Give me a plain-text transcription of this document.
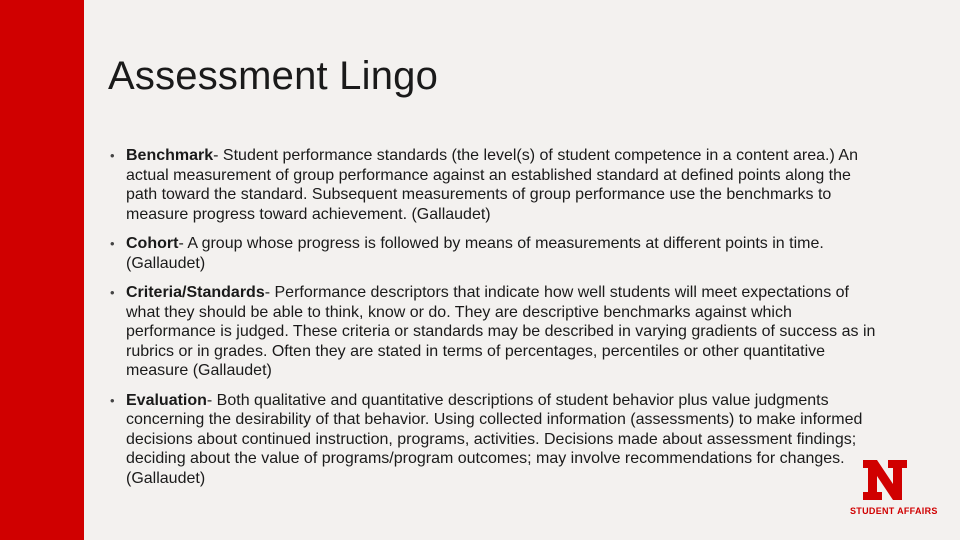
Assessment Lingo
• Benchmark- Student performance standards (the level(s) of student competence in a content area.) An actual measurement of group performance against an established standard at defined points along the path toward the standard. Subsequent measurements of group performance use the benchmarks to measure progress toward achievement. (Gallaudet)
• Cohort- A group whose progress is followed by means of measurements at different points in time. (Gallaudet)
• Criteria/Standards- Performance descriptors that indicate how well students will meet expectations of what they should be able to think, know or do. They are descriptive benchmarks against which performance is judged. These criteria or standards may be described in varying gradients of success as in rubrics or in grades. Often they are stated in terms of percentages, percentiles or other quantitative measure (Gallaudet)
• Evaluation- Both qualitative and quantitative descriptions of student behavior plus value judgments concerning the desirability of that behavior. Using collected information (assessments) to make informed decisions about continued instruction, programs, activities. Decisions made about assessment findings; deciding about the value of programs/program outcomes; may involve recommendations for changes. (Gallaudet)
STUDENT AFFAIRS
